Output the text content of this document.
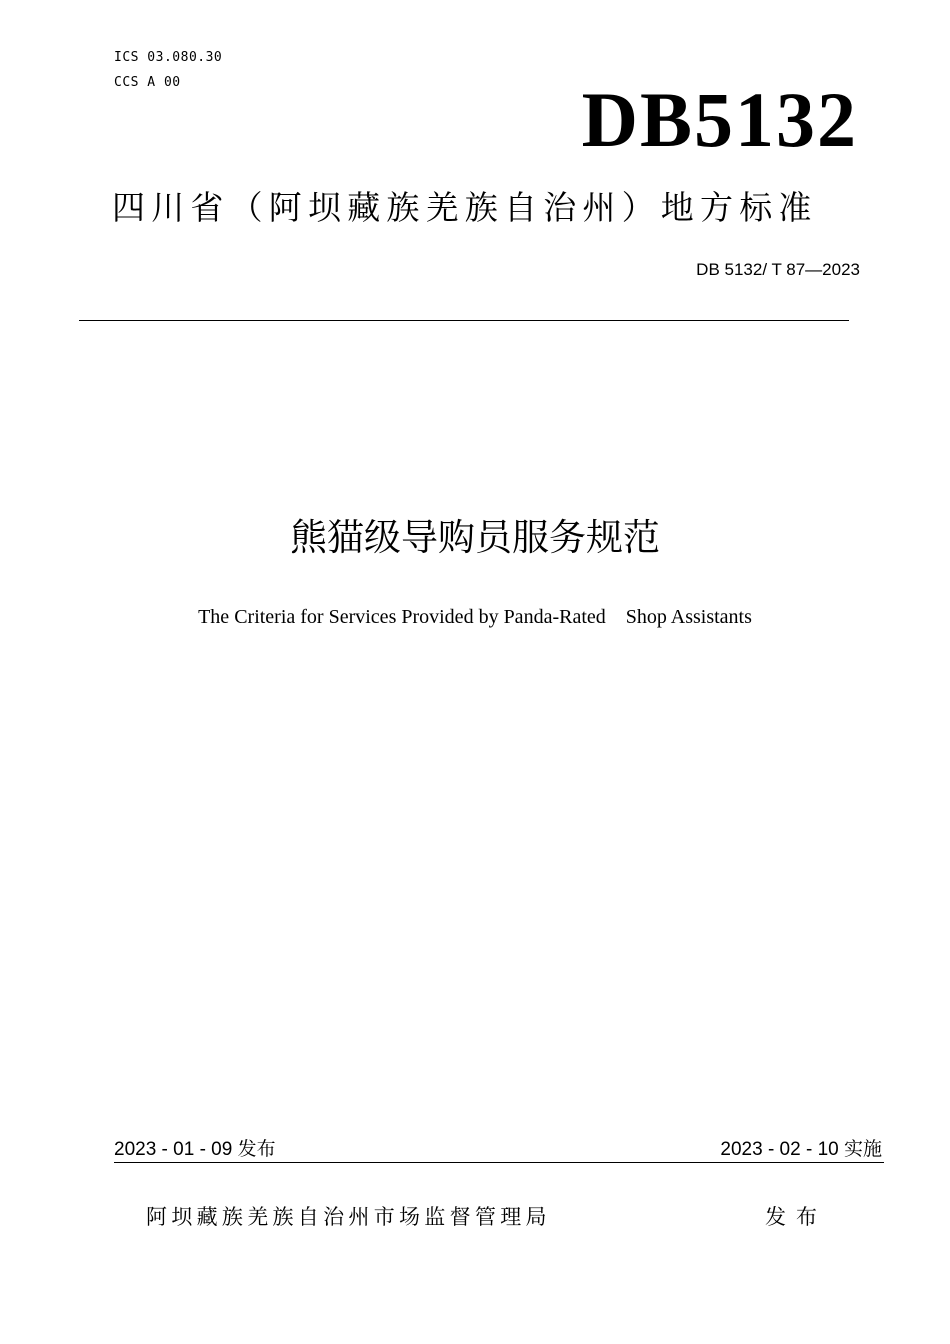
ICS 03.080.30
CCS A 00	DB5132
四川省（阿坝藏族羌族自治州）地方标准
DB 5132/ T 87—2023
熊猫级导购员服务规范
The Criteria for Services Provided by Panda-Rated    Shop Assistants
2023 - 01 - 09 发布	2023 - 02 - 10 实施
阿坝藏族羌族自治州市场监督管理局	发布
